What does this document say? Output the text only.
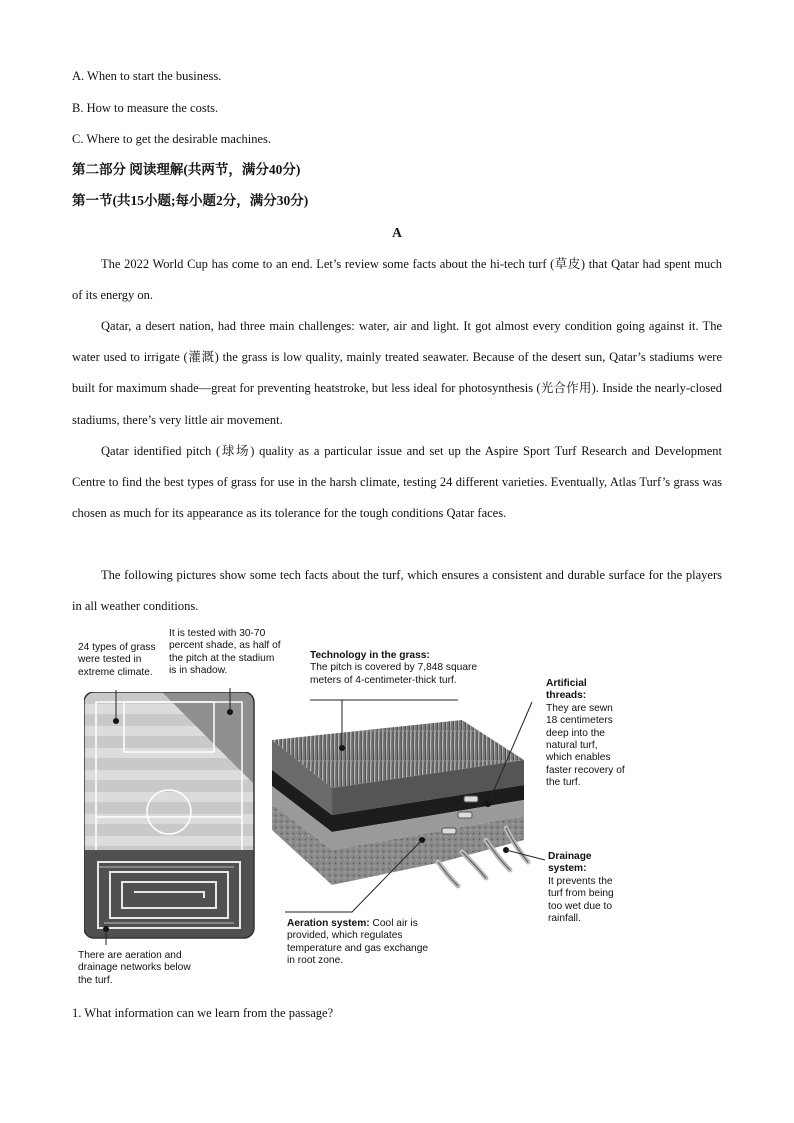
A. When to start the business.
B. How to measure the costs.
C. Where to get the desirable machines.
第二部分 阅读理解(共两节，满分40分)
第一节(共15小题;每小题2分，满分30分)
A

The 2022 World Cup has come to an end. Let’s review some facts about the hi-tech turf (草皮) that Qatar had spent much of its energy on.

Qatar, a desert nation, had three main challenges: water, air and light. It got almost every condition going against it. The water used to irrigate (灌溉) the grass is low quality, mainly treated seawater. Because of the desert sun, Qatar’s stadiums were built for maximum shade—great for preventing heatstroke, but less ideal for photosynthesis (光合作用). Inside the nearly-closed stadiums, there’s very little air movement.

Qatar identified pitch (球场) quality as a particular issue and set up the Aspire Sport Turf Research and Development Centre to find the best types of grass for use in the harsh climate, testing 24 different varieties. Eventually, Atlas Turf’s grass was chosen as much for its appearance as its tolerance for the tough conditions Qatar faces.

The following pictures show some tech facts about the turf, which ensures a consistent and durable surface for the players in all weather conditions.

24 types of grass were tested in extreme climate.
It is tested with 30-70 percent shade, as half of the pitch at the stadium is in shadow.
There are aeration and drainage networks below the turf.
Technology in the grass:
The pitch is covered by 7,848 square meters of 4-centimeter-thick turf.	Artificial threads:
They are sewn 18 centimeters deep into the natural turf, which enables faster recovery of the turf.
Drainage system:
It prevents the turf from being too wet due to rainfall.
Aeration system: Cool air is provided, which regulates temperature and gas exchange in root zone.
1. What information can we learn from the passage?
